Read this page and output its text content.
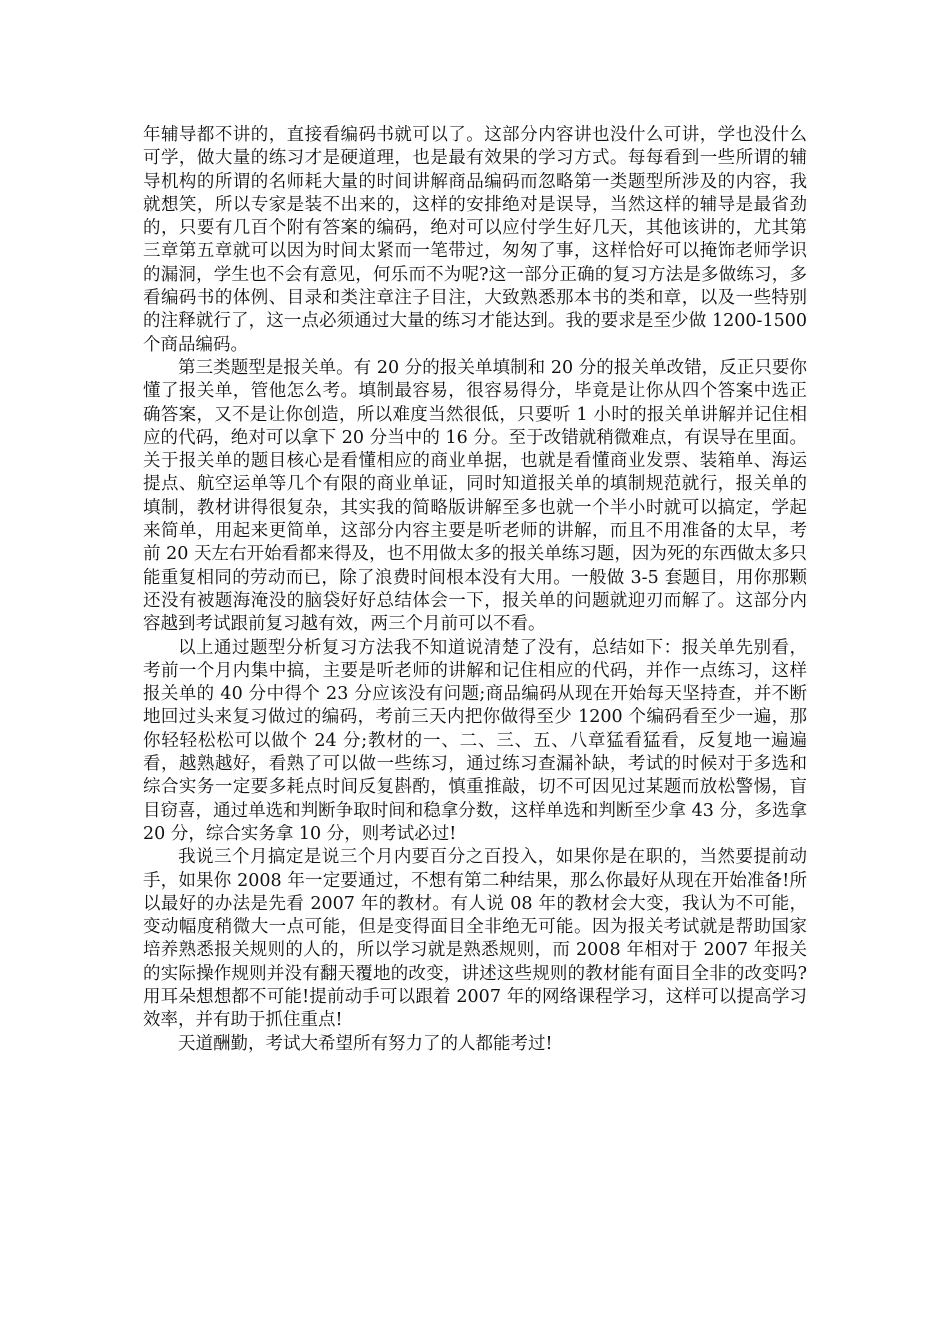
年辅导都不讲的，直接看编码书就可以了。这部分内容讲也没什么可讲，学也没什么可学，做大量的练习才是硬道理，也是最有效果的学习方式。每每看到一些所谓的辅导机构的所谓的名师耗大量的时间讲解商品编码而忽略第一类题型所涉及的内容，我就想笑，所以专家是装不出来的，这样的安排绝对是误导，当然这样的辅导是最省劲的，只要有几百个附有答案的编码，绝对可以应付学生好几天，其他该讲的，尤其第三章第五章就可以因为时间太紧而一笔带过，匆匆了事，这样恰好可以掩饰老师学识的漏洞，学生也不会有意见，何乐而不为呢?这一部分正确的复习方法是多做练习，多看编码书的体例、目录和类注章注子目注，大致熟悉那本书的类和章，以及一些特别的注释就行了，这一点必须通过大量的练习才能达到。我的要求是至少做 1200-1500 个商品编码。

第三类题型是报关单。有 20 分的报关单填制和 20 分的报关单改错，反正只要你懂了报关单，管他怎么考。填制最容易，很容易得分，毕竟是让你从四个答案中选正确答案，又不是让你创造，所以难度当然很低，只要听 1 小时的报关单讲解并记住相应的代码，绝对可以拿下 20 分当中的 16 分。至于改错就稍微难点，有误导在里面。关于报关单的题目核心是看懂相应的商业单据，也就是看懂商业发票、装箱单、海运提点、航空运单等几个有限的商业单证，同时知道报关单的填制规范就行，报关单的填制，教材讲得很复杂，其实我的简略版讲解至多也就一个半小时就可以搞定，学起来简单，用起来更简单，这部分内容主要是听老师的讲解，而且不用准备的太早，考前 20 天左右开始看都来得及，也不用做太多的报关单练习题，因为死的东西做太多只能重复相同的劳动而已，除了浪费时间根本没有大用。一般做 3-5 套题目，用你那颗还没有被题海淹没的脑袋好好总结体会一下，报关单的问题就迎刃而解了。这部分内容越到考试跟前复习越有效，两三个月前可以不看。

以上通过题型分析复习方法我不知道说清楚了没有，总结如下：报关单先别看，考前一个月内集中搞，主要是听老师的讲解和记住相应的代码，并作一点练习，这样报关单的 40 分中得个 23 分应该没有问题;商品编码从现在开始每天坚持查，并不断地回过头来复习做过的编码，考前三天内把你做得至少 1200 个编码看至少一遍，那你轻轻松松可以做个 24 分;教材的一、二、三、五、八章猛看猛看，反复地一遍遍看，越熟越好，看熟了可以做一些练习，通过练习查漏补缺，考试的时候对于多选和综合实务一定要多耗点时间反复斟酌，慎重推敲，切不可因见过某题而放松警惕，盲目窃喜，通过单选和判断争取时间和稳拿分数，这样单选和判断至少拿 43 分，多选拿 20 分，综合实务拿 10 分，则考试必过!

我说三个月搞定是说三个月内要百分之百投入，如果你是在职的，当然要提前动手，如果你 2008 年一定要通过，不想有第二种结果，那么你最好从现在开始准备!所以最好的办法是先看 2007 年的教材。有人说 08 年的教材会大变，我认为不可能，变动幅度稍微大一点可能，但是变得面目全非绝无可能。因为报关考试就是帮助国家培养熟悉报关规则的人的，所以学习就是熟悉规则，而 2008 年相对于 2007 年报关的实际操作规则并没有翻天覆地的改变，讲述这些规则的教材能有面目全非的改变吗?用耳朵想想都不可能!提前动手可以跟着 2007 年的网络课程学习，这样可以提高学习效率，并有助于抓住重点!

天道酬勤，考试大希望所有努力了的人都能考过!
